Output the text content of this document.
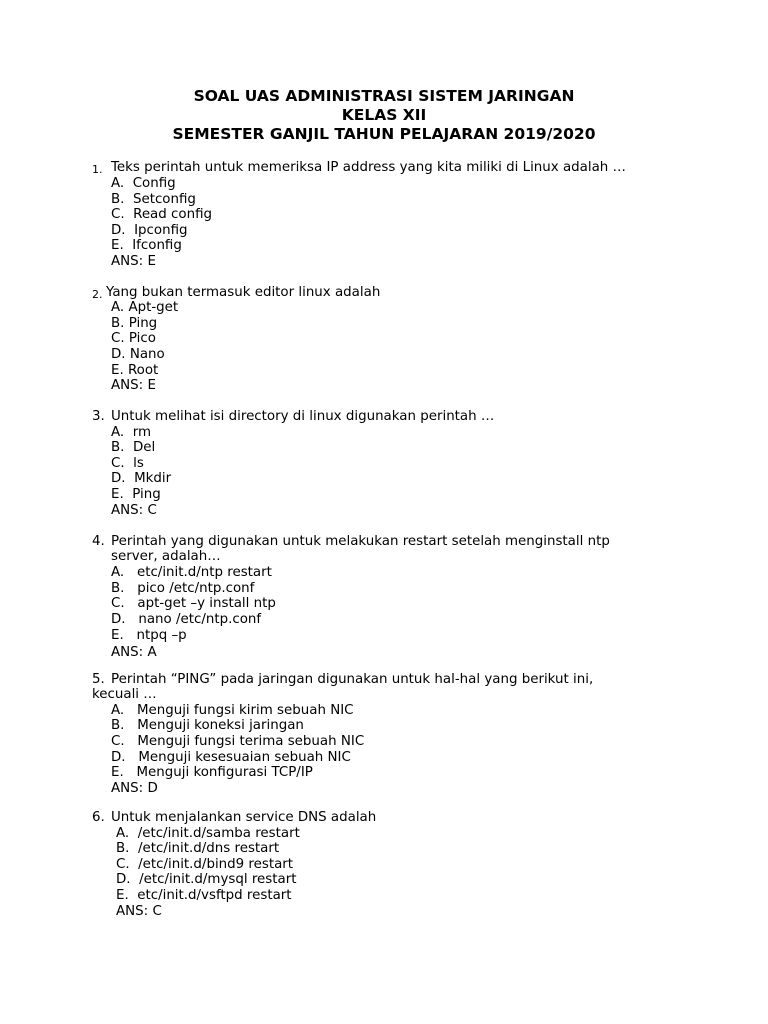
SOAL UAS ADMINISTRASI SISTEM JARINGAN
KELAS XII
SEMESTER GANJIL TAHUN PELAJARAN 2019/2020
1. Teks perintah untuk memeriksa IP address yang kita miliki di Linux adalah …
A.  Config
B.  Setconfig
C.  Read config
D.  Ipconfig
E.  Ifconfig
ANS: E
2. Yang bukan termasuk editor linux adalah
A. Apt-get
B. Ping
C. Pico
D. Nano
E. Root
ANS: E
3. Untuk melihat isi directory di linux digunakan perintah …
A.  rm
B.  Del
C.  ls
D.  Mkdir
E.  Ping
ANS: C
4. Perintah yang digunakan untuk melakukan restart setelah menginstall ntp
server, adalah…
A.   etc/init.d/ntp restart
B.   pico /etc/ntp.conf
C.   apt-get –y install ntp
D.   nano /etc/ntp.conf
E.   ntpq –p
ANS: A
5. Perintah “PING” pada jaringan digunakan untuk hal-hal yang berikut ini,
kecuali …
A.   Menguji fungsi kirim sebuah NIC
B.   Menguji koneksi jaringan
C.   Menguji fungsi terima sebuah NIC
D.   Menguji kesesuaian sebuah NIC
E.   Menguji konfigurasi TCP/IP
ANS: D
6. Untuk menjalankan service DNS adalah
A.  /etc/init.d/samba restart
B.  /etc/init.d/dns restart
C.  /etc/init.d/bind9 restart
D.  /etc/init.d/mysql restart
E.  etc/init.d/vsftpd restart
ANS: C
